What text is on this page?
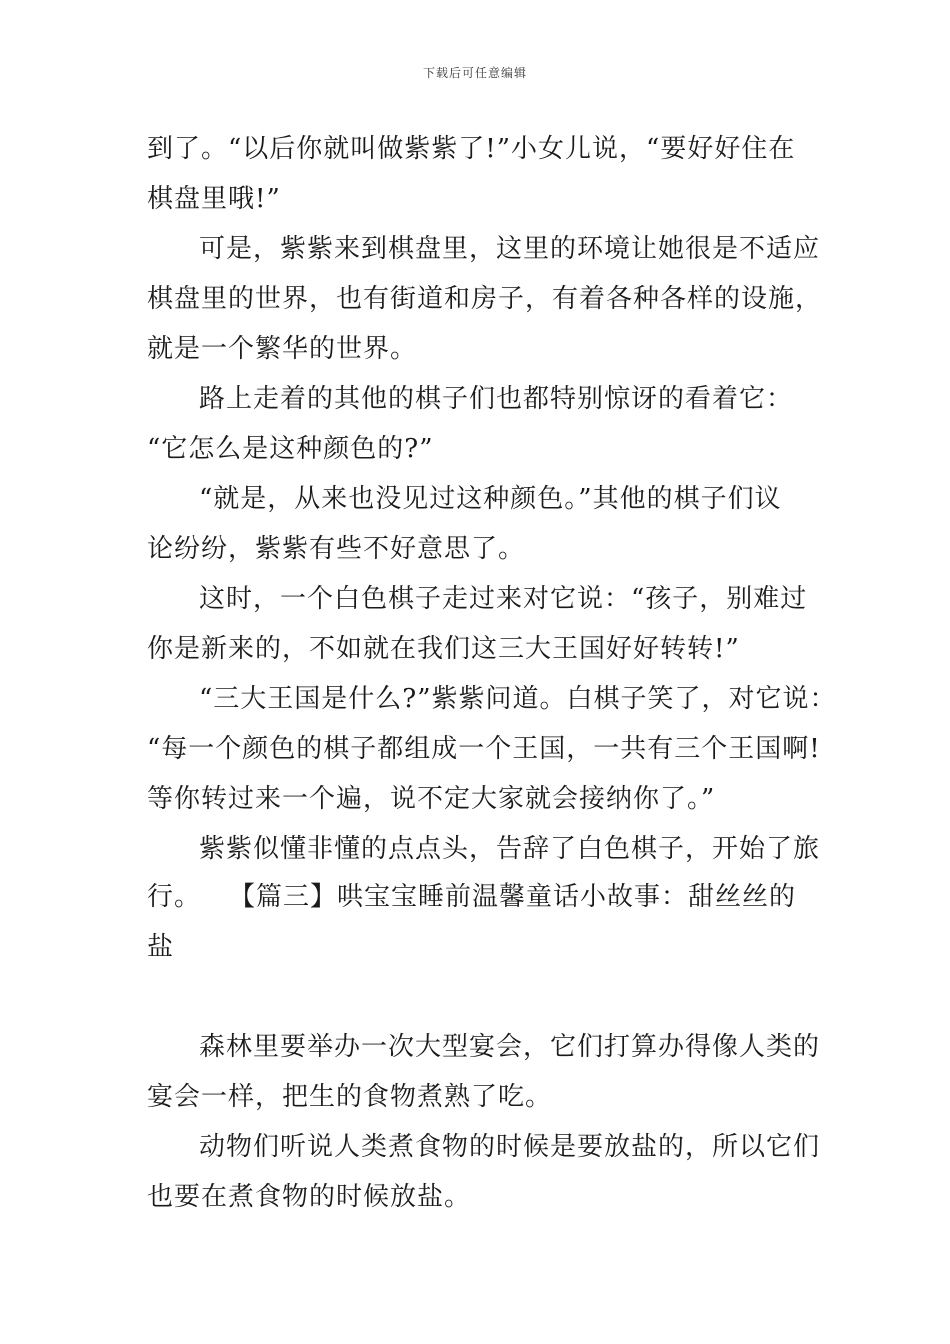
下载后可任意编辑
到了。“以后你就叫做紫紫了!”小女儿说，“要好好住在
棋盘里哦!”
可是，紫紫来到棋盘里，这里的环境让她很是不适应
棋盘里的世界，也有街道和房子，有着各种各样的设施，
就是一个繁华的世界。
路上走着的其他的棋子们也都特别惊讶的看着它：
“它怎么是这种颜色的?”
“就是，从来也没见过这种颜色。”其他的棋子们议
论纷纷，紫紫有些不好意思了。
这时，一个白色棋子走过来对它说：“孩子，别难过
你是新来的，不如就在我们这三大王国好好转转!”
“三大王国是什么?”紫紫问道。白棋子笑了，对它说：
“每一个颜色的棋子都组成一个王国，一共有三个王国啊!
等你转过来一个遍，说不定大家就会接纳你了。”
紫紫似懂非懂的点点头，告辞了白色棋子，开始了旅
行。　　【篇三】哄宝宝睡前温馨童话小故事：甜丝丝的
盐
森林里要举办一次大型宴会，它们打算办得像人类的
宴会一样，把生的食物煮熟了吃。
动物们听说人类煮食物的时候是要放盐的，所以它们
也要在煮食物的时候放盐。
